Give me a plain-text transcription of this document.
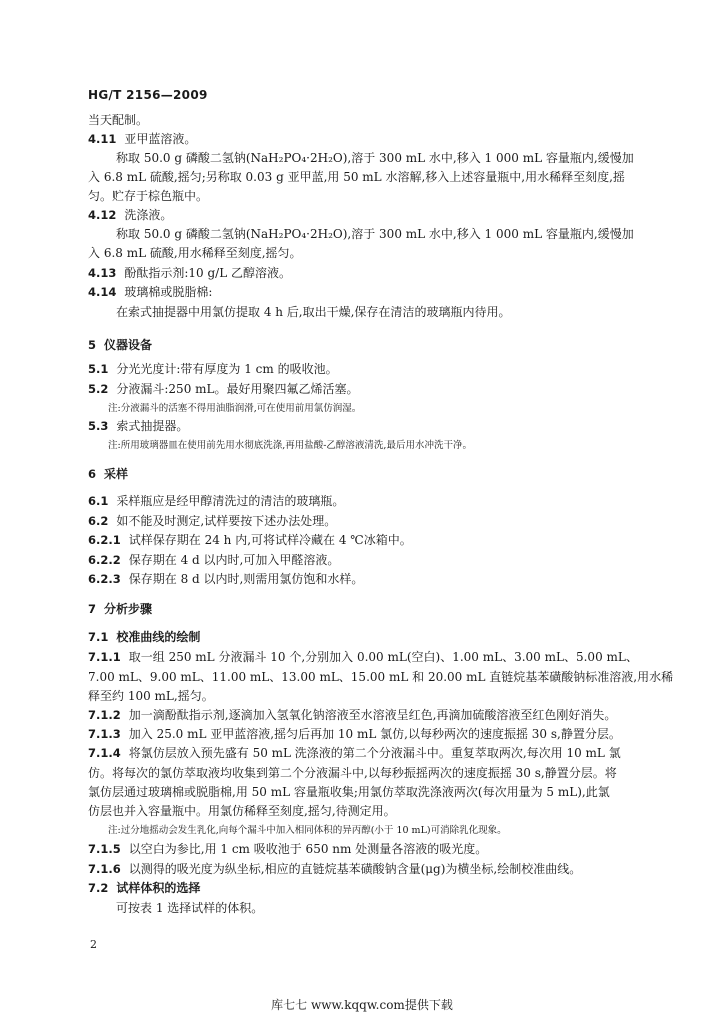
HG/T 2156—2009
当天配制。
4.11 亚甲蓝溶液。
称取 50.0 g 磷酸二氢钠(NaH₂PO₄·2H₂O),溶于 300 mL 水中,移入 1 000 mL 容量瓶内,缓慢加
入 6.8 mL 硫酸,摇匀;另称取 0.03 g 亚甲蓝,用 50 mL 水溶解,移入上述容量瓶中,用水稀释至刻度,摇
匀。贮存于棕色瓶中。
4.12 洗涤液。
称取 50.0 g 磷酸二氢钠(NaH₂PO₄·2H₂O),溶于 300 mL 水中,移入 1 000 mL 容量瓶内,缓慢加
入 6.8 mL 硫酸,用水稀释至刻度,摇匀。
4.13 酚酞指示剂:10 g/L 乙醇溶液。
4.14 玻璃棉或脱脂棉:
在索式抽提器中用氯仿提取 4 h 后,取出干燥,保存在清洁的玻璃瓶内待用。
5 仪器设备
5.1 分光光度计:带有厚度为 1 cm 的吸收池。
5.2 分液漏斗:250 mL。最好用聚四氟乙烯活塞。
注:分液漏斗的活塞不得用油脂润滑,可在使用前用氯仿润湿。
5.3 索式抽提器。
注:所用玻璃器皿在使用前先用水彻底洗涤,再用盐酸-乙醇溶液清洗,最后用水冲洗干净。
6 采样
6.1 采样瓶应是经甲醇清洗过的清洁的玻璃瓶。
6.2 如不能及时测定,试样要按下述办法处理。
6.2.1 试样保存期在 24 h 内,可将试样冷藏在 4 ℃冰箱中。
6.2.2 保存期在 4 d 以内时,可加入甲醛溶液。
6.2.3 保存期在 8 d 以内时,则需用氯仿饱和水样。
7 分析步骤
7.1 校准曲线的绘制
7.1.1 取一组 250 mL 分液漏斗 10 个,分别加入 0.00 mL(空白)、1.00 mL、3.00 mL、5.00 mL、
7.00 mL、9.00 mL、11.00 mL、13.00 mL、15.00 mL 和 20.00 mL 直链烷基苯磺酸钠标准溶液,用水稀
释至约 100 mL,摇匀。
7.1.2 加一滴酚酞指示剂,逐滴加入氢氧化钠溶液至水溶液呈红色,再滴加硫酸溶液至红色刚好消失。
7.1.3 加入 25.0 mL 亚甲蓝溶液,摇匀后再加 10 mL 氯仿,以每秒两次的速度振摇 30 s,静置分层。
7.1.4 将氯仿层放入预先盛有 50 mL 洗涤液的第二个分液漏斗中。重复萃取两次,每次用 10 mL 氯
仿。将每次的氯仿萃取液均收集到第二个分液漏斗中,以每秒振摇两次的速度振摇 30 s,静置分层。将
氯仿层通过玻璃棉或脱脂棉,用 50 mL 容量瓶收集;用氯仿萃取洗涤液两次(每次用量为 5 mL),此氯
仿层也并入容量瓶中。用氯仿稀释至刻度,摇匀,待测定用。
注:过分地摇动会发生乳化,向每个漏斗中加入相同体积的异丙醇(小于 10 mL)可消除乳化现象。
7.1.5 以空白为参比,用 1 cm 吸收池于 650 nm 处测量各溶液的吸光度。
7.1.6 以测得的吸光度为纵坐标,相应的直链烷基苯磺酸钠含量(μg)为横坐标,绘制校准曲线。
7.2 试样体积的选择
可按表 1 选择试样的体积。
2
库七七 www.kqqw.com提供下载
